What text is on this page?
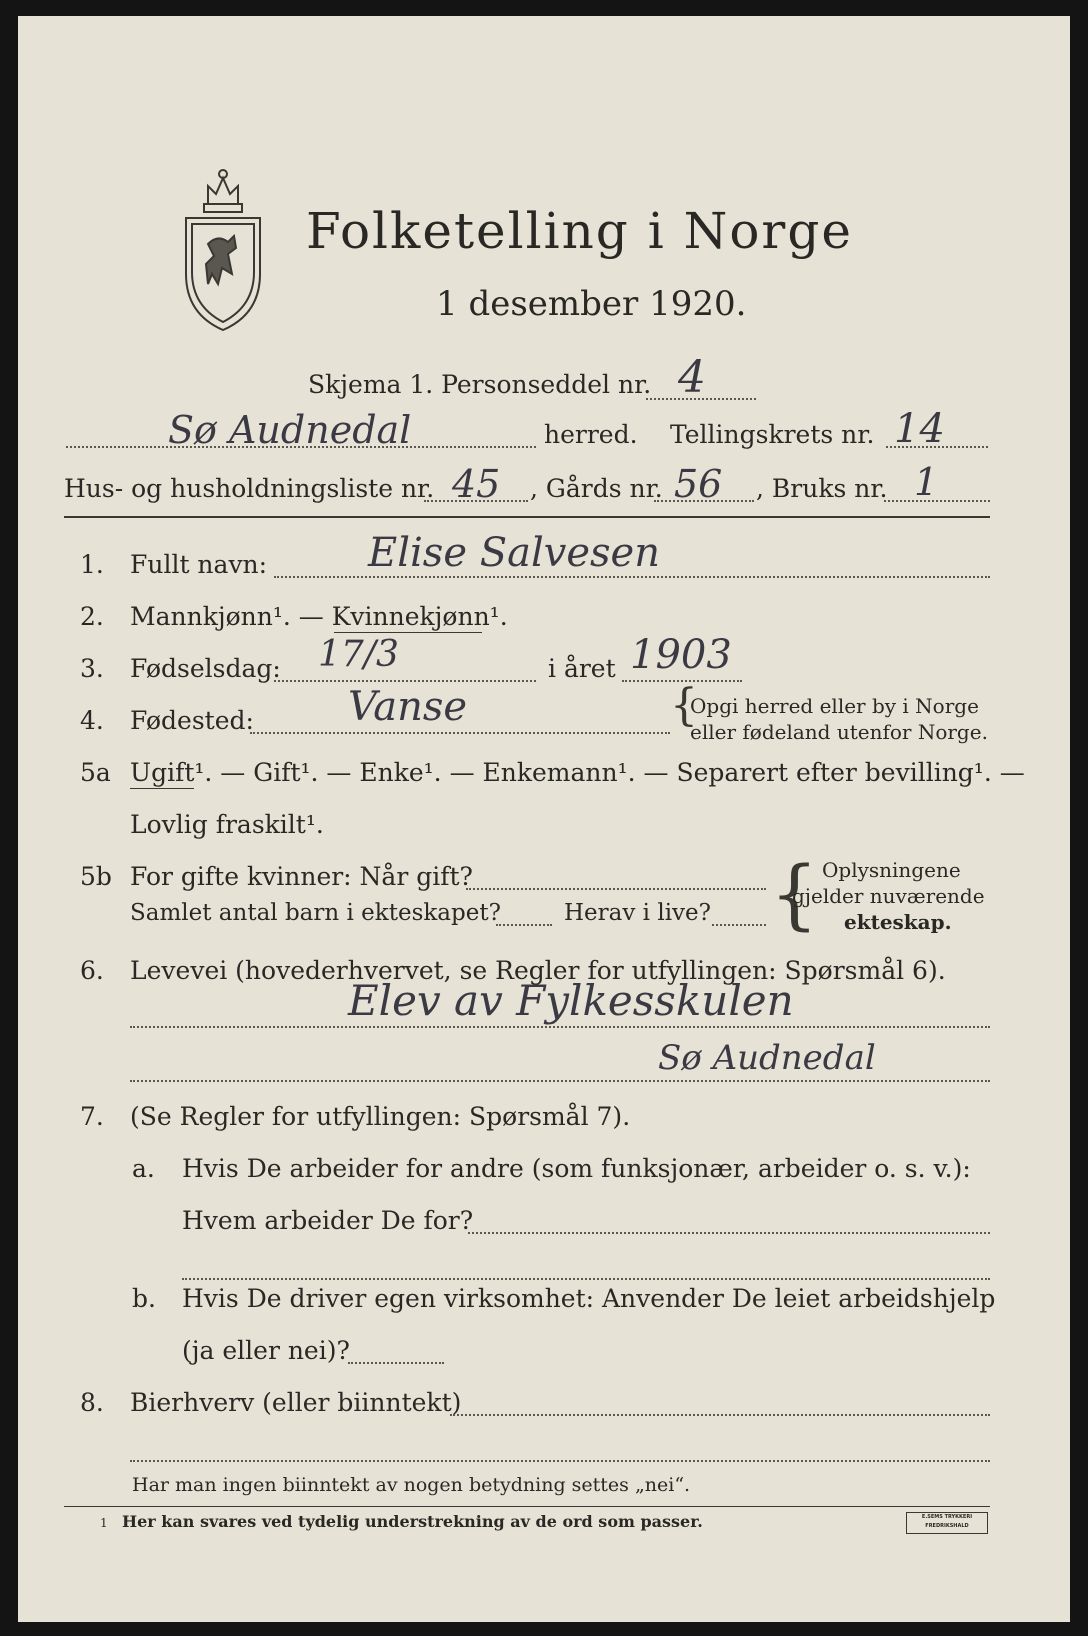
Folketelling i Norge
1 desember 1920.
Skjema 1. Personseddel nr. 4
Sø Audnedal	herred. Tellingskrets nr. 14
Hus- og husholdningsliste nr. 45 , Gårds nr. 56 , Bruks nr. 1
1. Fullt navn:	Elise Salvesen
2. Mannkjønn¹. — Kvinnekjønn¹.
3. Fødselsdag: 17/3	i året 1903
4. Fødested: Vanse	{
Opgi herred eller by i Norge
eller fødeland utenfor Norge.
5a Ugift¹. — Gift¹. — Enke¹. — Enkemann¹. — Separert efter bevilling¹. —
Lovlig fraskilt¹.
5b For gifte kvinner: Når gift?
Samlet antal barn i ekteskapet?	Herav i live? { Oplysningene
gjelder nuværende
ekteskap.
6. Levevei (hovederhvervet, se Regler for utfyllingen: Spørsmål 6).
Elev av Fylkesskulen
Sø Audnedal
7. (Se Regler for utfyllingen: Spørsmål 7).
a. Hvis De arbeider for andre (som funksjonær, arbeider o. s. v.):
Hvem arbeider De for?
b. Hvis De driver egen virksomhet: Anvender De leiet arbeidshjelp
(ja eller nei)?
8. Bierhverv (eller biinntekt)
Har man ingen biinntekt av nogen betydning settes „nei“.
1 Her kan svares ved tydelig understrekning av de ord som passer.	E.SEMS TRYKKERI
FREDRIKSHALD
